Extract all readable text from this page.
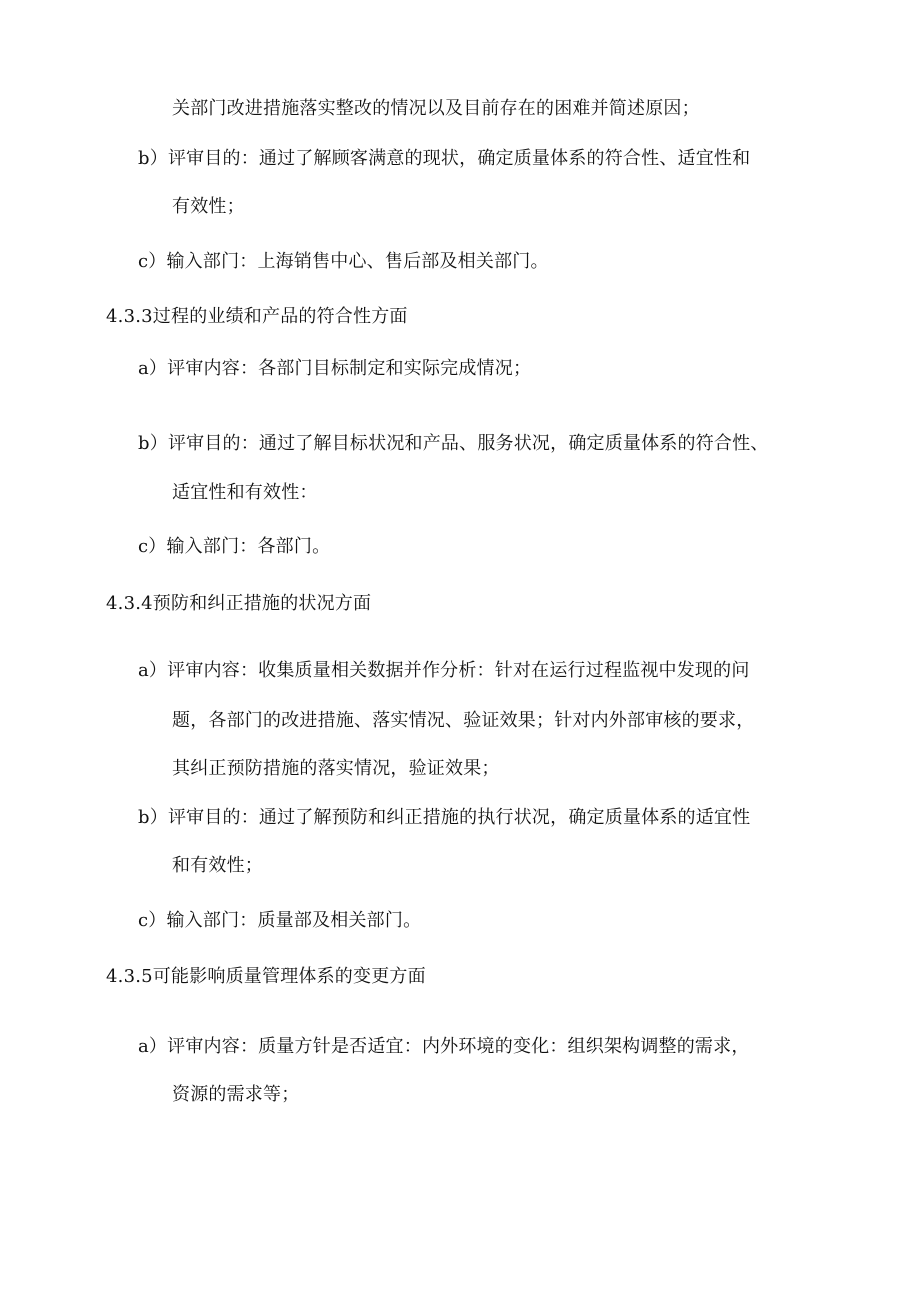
关部门改进措施落实整改的情况以及目前存在的困难并简述原因；
b）评审目的：通过了解顾客满意的现状，确定质量体系的符合性、适宜性和
有效性；
c）输入部门：上海销售中心、售后部及相关部门。
4.3.3过程的业绩和产品的符合性方面
a）评审内容：各部门目标制定和实际完成情况；
b）评审目的：通过了解目标状况和产品、服务状况，确定质量体系的符合性、
适宜性和有效性：
c）输入部门：各部门。
4.3.4预防和纠正措施的状况方面
a）评审内容：收集质量相关数据并作分析：针对在运行过程监视中发现的问
题，各部门的改进措施、落实情况、验证效果；针对内外部审核的要求，
其纠正预防措施的落实情况，验证效果；
b）评审目的：通过了解预防和纠正措施的执行状况，确定质量体系的适宜性
和有效性；
c）输入部门：质量部及相关部门。
4.3.5可能影响质量管理体系的变更方面
a）评审内容：质量方针是否适宜：内外环境的变化：组织架构调整的需求，
资源的需求等；
